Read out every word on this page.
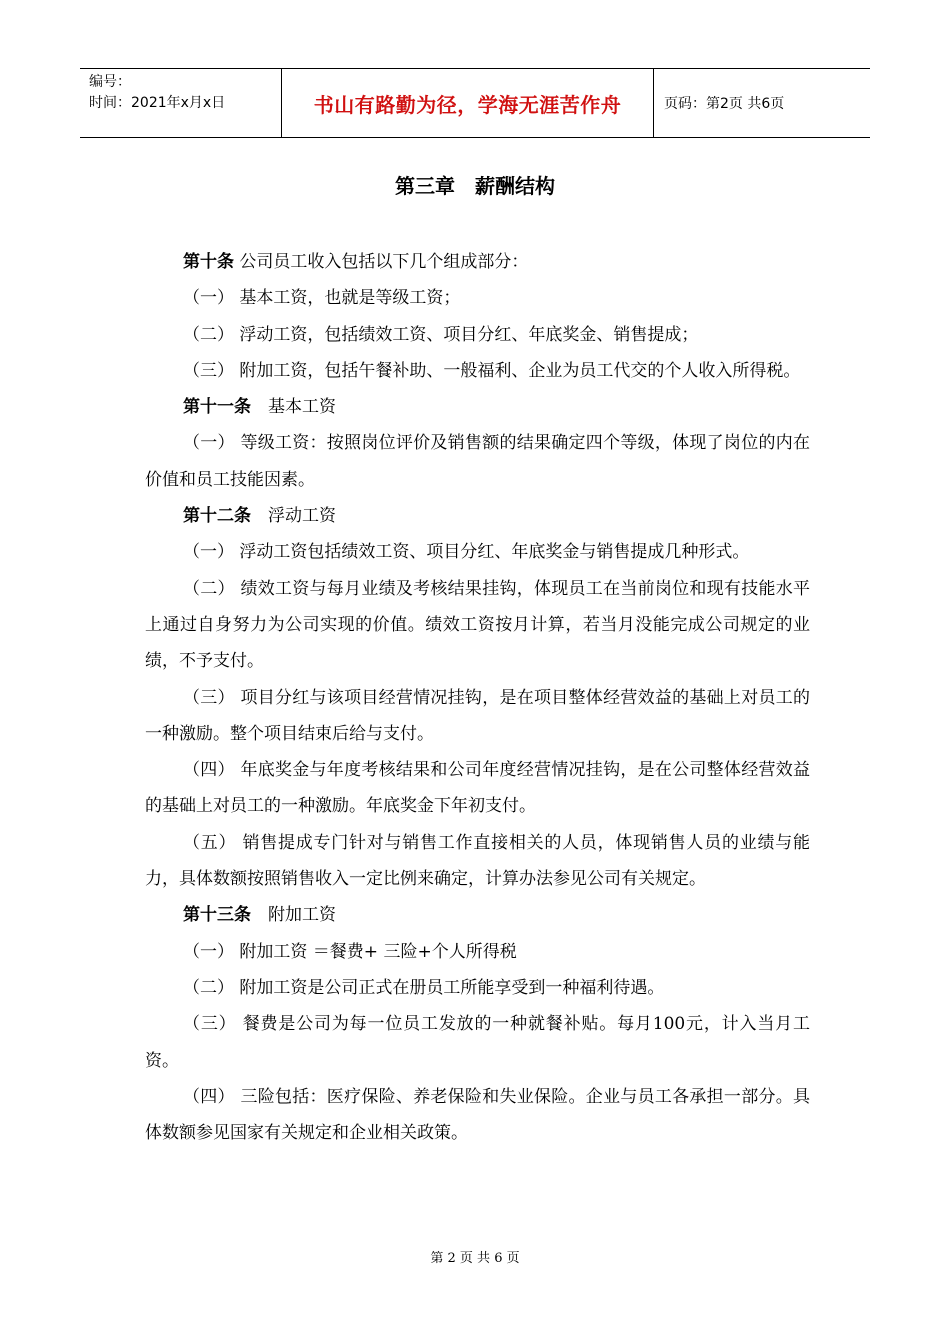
编号：
时间：2021年x月x日	书山有路勤为径，学海无涯苦作舟	页码：第2页 共6页
第三章　薪酬结构

第十条 公司员工收入包括以下几个组成部分：

（一） 基本工资，也就是等级工资；

（二） 浮动工资，包括绩效工资、项目分红、年底奖金、销售提成；

（三） 附加工资，包括午餐补助、一般福利、企业为员工代交的个人收入所得税。

第十一条　基本工资

（一） 等级工资：按照岗位评价及销售额的结果确定四个等级，体现了岗位的内在价值和员工技能因素。

第十二条　浮动工资

（一） 浮动工资包括绩效工资、项目分红、年底奖金与销售提成几种形式。

（二） 绩效工资与每月业绩及考核结果挂钩，体现员工在当前岗位和现有技能水平上通过自身努力为公司实现的价值。绩效工资按月计算，若当月没能完成公司规定的业绩，不予支付。

（三） 项目分红与该项目经营情况挂钩，是在项目整体经营效益的基础上对员工的一种激励。整个项目结束后给与支付。

（四） 年底奖金与年度考核结果和公司年度经营情况挂钩，是在公司整体经营效益的基础上对员工的一种激励。年底奖金下年初支付。

（五） 销售提成专门针对与销售工作直接相关的人员，体现销售人员的业绩与能力，具体数额按照销售收入一定比例来确定，计算办法参见公司有关规定。

第十三条　附加工资

（一） 附加工资 ＝餐费+ 三险+个人所得税

（二） 附加工资是公司正式在册员工所能享受到一种福利待遇。

（三） 餐费是公司为每一位员工发放的一种就餐补贴。每月100元，计入当月工资。

（四） 三险包括：医疗保险、养老保险和失业保险。企业与员工各承担一部分。具体数额参见国家有关规定和企业相关政策。

第 2 页 共 6 页
